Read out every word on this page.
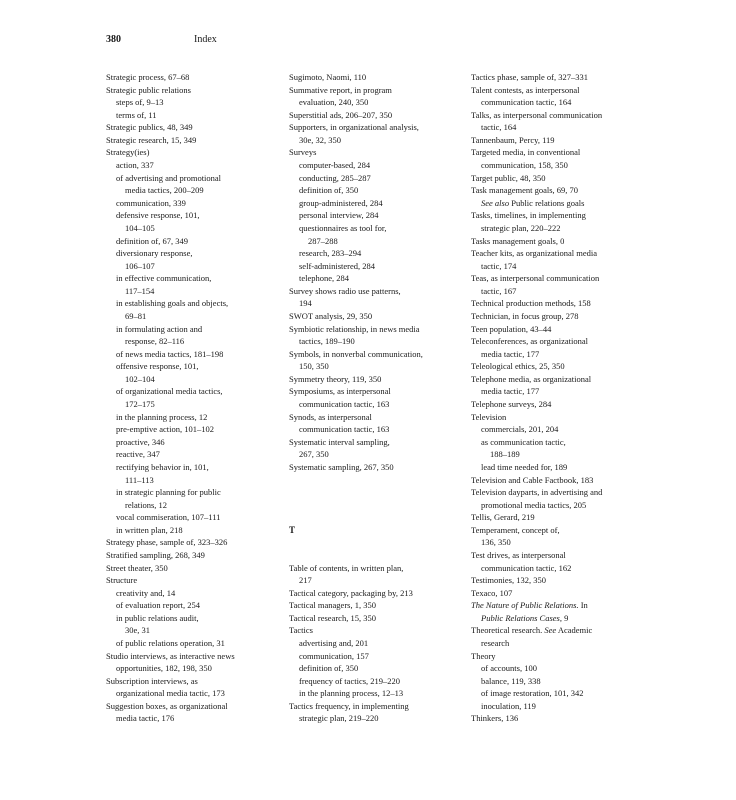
380	Index
Strategic process, 67–68
Strategic public relations
steps of, 9–13
terms of, 11
Strategic publics, 48, 349
Strategic research, 15, 349
Strategy(ies)
action, 337
of advertising and promotional
media tactics, 200–209
communication, 339
defensive response, 101,
104–105
definition of, 67, 349
diversionary response,
106–107
in effective communication,
117–154
in establishing goals and objects,
69–81
in formulating action and
response, 82–116
of news media tactics, 181–198
offensive response, 101,
102–104
of organizational media tactics,
172–175
in the planning process, 12
pre-emptive action, 101–102
proactive, 346
reactive, 347
rectifying behavior in, 101,
111–113
in strategic planning for public
relations, 12
vocal commiseration, 107–111
in written plan, 218
Strategy phase, sample of, 323–326
Stratified sampling, 268, 349
Street theater, 350
Structure
creativity and, 14
of evaluation report, 254
in public relations audit,
30e, 31
of public relations operation, 31
Studio interviews, as interactive news
opportunities, 182, 198, 350
Subscription interviews, as
organizational media tactic, 173
Suggestion boxes, as organizational
media tactic, 176
Sugimoto, Naomi, 110
Summative report, in program
evaluation, 240, 350
Superstitial ads, 206–207, 350
Supporters, in organizational analysis,
30e, 32, 350
Surveys
computer-based, 284
conducting, 285–287
definition of, 350
group-administered, 284
personal interview, 284
questionnaires as tool for,
287–288
research, 283–294
self-administered, 284
telephone, 284
Survey shows radio use patterns,
194
SWOT analysis, 29, 350
Symbiotic relationship, in news media
tactics, 189–190
Symbols, in nonverbal communication,
150, 350
Symmetry theory, 119, 350
Symposiums, as interpersonal
communication tactic, 163
Synods, as interpersonal
communication tactic, 163
Systematic interval sampling,
267, 350
Systematic sampling, 267, 350
T
Table of contents, in written plan,
217
Tactical category, packaging by, 213
Tactical managers, 1, 350
Tactical research, 15, 350
Tactics
advertising and, 201
communication, 157
definition of, 350
frequency of tactics, 219–220
in the planning process, 12–13
Tactics frequency, in implementing
strategic plan, 219–220
Tactics phase, sample of, 327–331
Talent contests, as interpersonal
communication tactic, 164
Talks, as interpersonal communication
tactic, 164
Tannenbaum, Percy, 119
Targeted media, in conventional
communication, 158, 350
Target public, 48, 350
Task management goals, 69, 70
See also Public relations goals
Tasks, timelines, in implementing
strategic plan, 220–222
Tasks management goals, 0
Teacher kits, as organizational media
tactic, 174
Teas, as interpersonal communication
tactic, 167
Technical production methods, 158
Technician, in focus group, 278
Teen population, 43–44
Teleconferences, as organizational
media tactic, 177
Teleological ethics, 25, 350
Telephone media, as organizational
media tactic, 177
Telephone surveys, 284
Television
commercials, 201, 204
as communication tactic,
188–189
lead time needed for, 189
Television and Cable Factbook, 183
Television dayparts, in advertising and
promotional media tactics, 205
Tellis, Gerard, 219
Temperament, concept of,
136, 350
Test drives, as interpersonal
communication tactic, 162
Testimonies, 132, 350
Texaco, 107
The Nature of Public Relations. In
Public Relations Cases, 9
Theoretical research. See Academic
research
Theory
of accounts, 100
balance, 119, 338
of image restoration, 101, 342
inoculation, 119
Thinkers, 136
